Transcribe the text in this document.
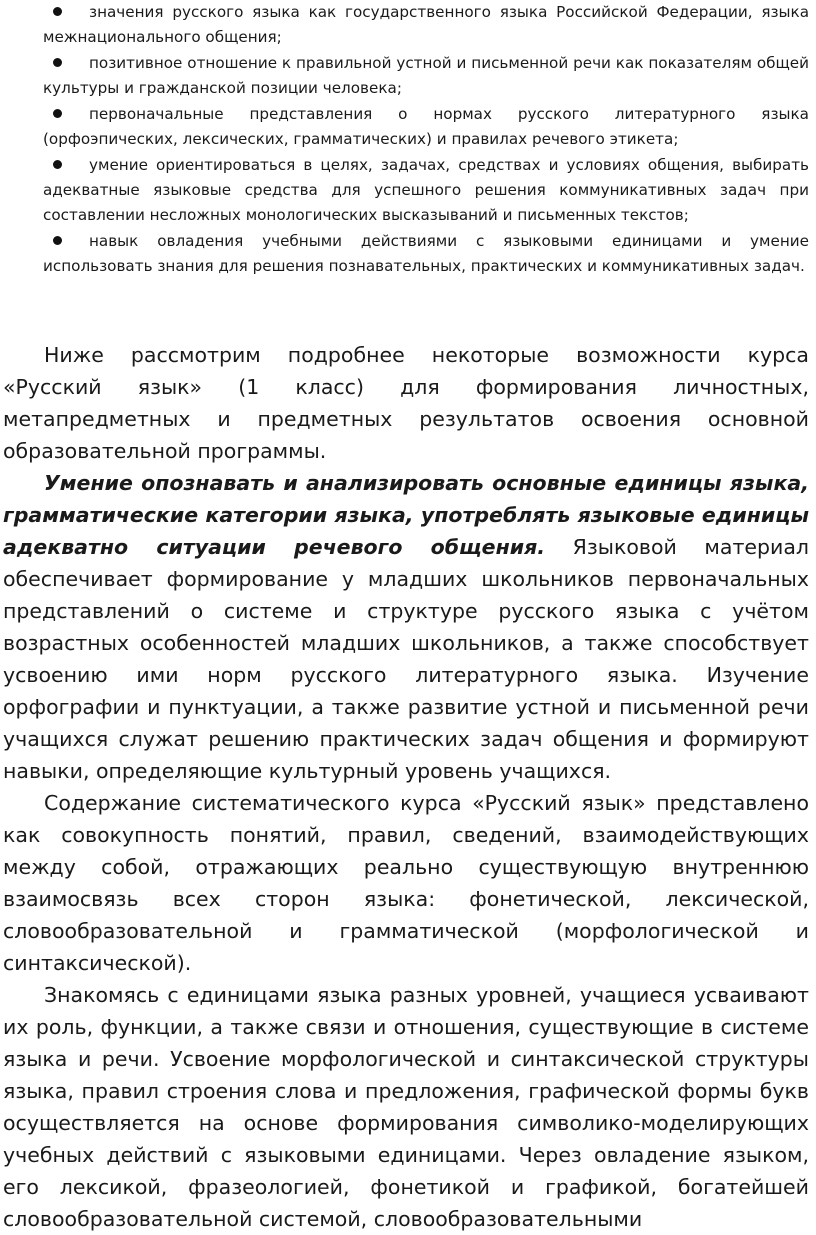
значения русского языка как государственного языка Российской Федерации, языка межнационального общения;
позитивное отношение к правильной устной и письменной речи как показателям общей культуры и гражданской позиции человека;
первоначальные представления о нормах русского литературного языка (орфоэпических, лексических, грамматических) и правилах речевого этикета;
умение ориентироваться в целях, задачах, средствах и условиях общения, выбирать адекватные языковые средства для успешного решения коммуникативных задач при составлении несложных монологических высказываний и письменных текстов;
навык овладения учебными действиями с языковыми единицами и умение использовать знания для решения познавательных, практических и коммуникативных задач.

Ниже рассмотрим подробнее некоторые возможности курса «Русский язык» (1 класс) для формирования личностных, метапредметных и предметных результатов освоения основной образовательной программы.

Умение опознавать и анализировать основные единицы языка, грамматические категории языка, употреблять языковые единицы адекватно ситуации речевого общения. Языковой материал обеспечивает формирование у младших школьников первоначальных представлений о системе и структуре русского языка с учётом возрастных особенностей младших школьников, а также способствует усвоению ими норм русского литературного языка. Изучение орфографии и пунктуации, а также развитие устной и письменной речи учащихся служат решению практических задач общения и формируют навыки, определяющие культурный уровень учащихся.

Содержание систематического курса «Русский язык» представлено как совокупность понятий, правил, сведений, взаимодействующих между собой, отражающих реально существующую внутреннюю взаимосвязь всех сторон языка: фонетической, лексической, словообразовательной и грамматической (морфологической и синтаксической).

Знакомясь с единицами языка разных уровней, учащиеся усваивают их роль, функции, а также связи и отношения, существующие в системе языка и речи. Усвоение морфологической и синтаксической структуры языка, правил строения слова и предложения, графической формы букв осуществляется на основе формирования символико-моделирующих учебных действий с языковыми единицами. Через овладение языком, его лексикой, фразеологией, фонетикой и графикой, богатейшей словообразовательной системой, словообразовательными
